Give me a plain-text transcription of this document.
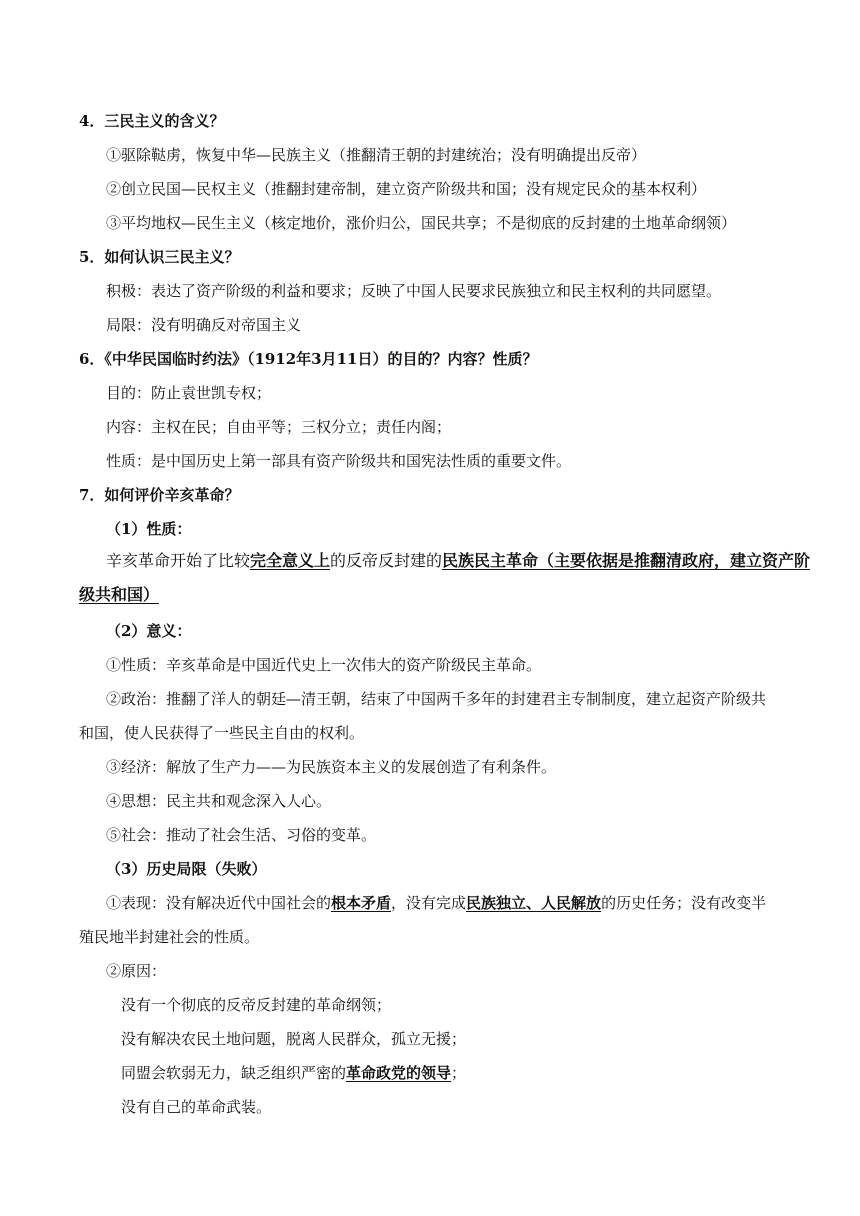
4．三民主义的含义？
①驱除鞑虏，恢复中华—民族主义（推翻清王朝的封建统治；没有明确提出反帝）
②创立民国—民权主义（推翻封建帝制，建立资产阶级共和国；没有规定民众的基本权利）
③平均地权—民生主义（核定地价，涨价归公，国民共享；不是彻底的反封建的土地革命纲领）
5．如何认识三民主义？
积极：表达了资产阶级的利益和要求；反映了中国人民要求民族独立和民主权利的共同愿望。
局限：没有明确反对帝国主义
6．《中华民国临时约法》（1912年3月11日）的目的？内容？性质？
目的：防止袁世凯专权；
内容：主权在民；自由平等；三权分立；责任内阁；
性质：是中国历史上第一部具有资产阶级共和国宪法性质的重要文件。
7．如何评价辛亥革命？
（1）性质：
辛亥革命开始了比较完全意义上的反帝反封建的民族民主革命（主要依据是推翻清政府，建立资产阶
级共和国）
（2）意义：
①性质：辛亥革命是中国近代史上一次伟大的资产阶级民主革命。
②政治：推翻了洋人的朝廷—清王朝，结束了中国两千多年的封建君主专制制度，建立起资产阶级共
和国，使人民获得了一些民主自由的权利。
③经济：解放了生产力——为民族资本主义的发展创造了有利条件。
④思想：民主共和观念深入人心。
⑤社会：推动了社会生活、习俗的变革。
（3）历史局限（失败）
①表现：没有解决近代中国社会的根本矛盾，没有完成民族独立、人民解放的历史任务；没有改变半
殖民地半封建社会的性质。
②原因：
没有一个彻底的反帝反封建的革命纲领；
没有解决农民土地问题，脱离人民群众，孤立无援；
同盟会软弱无力，缺乏组织严密的革命政党的领导；
没有自己的革命武装。
